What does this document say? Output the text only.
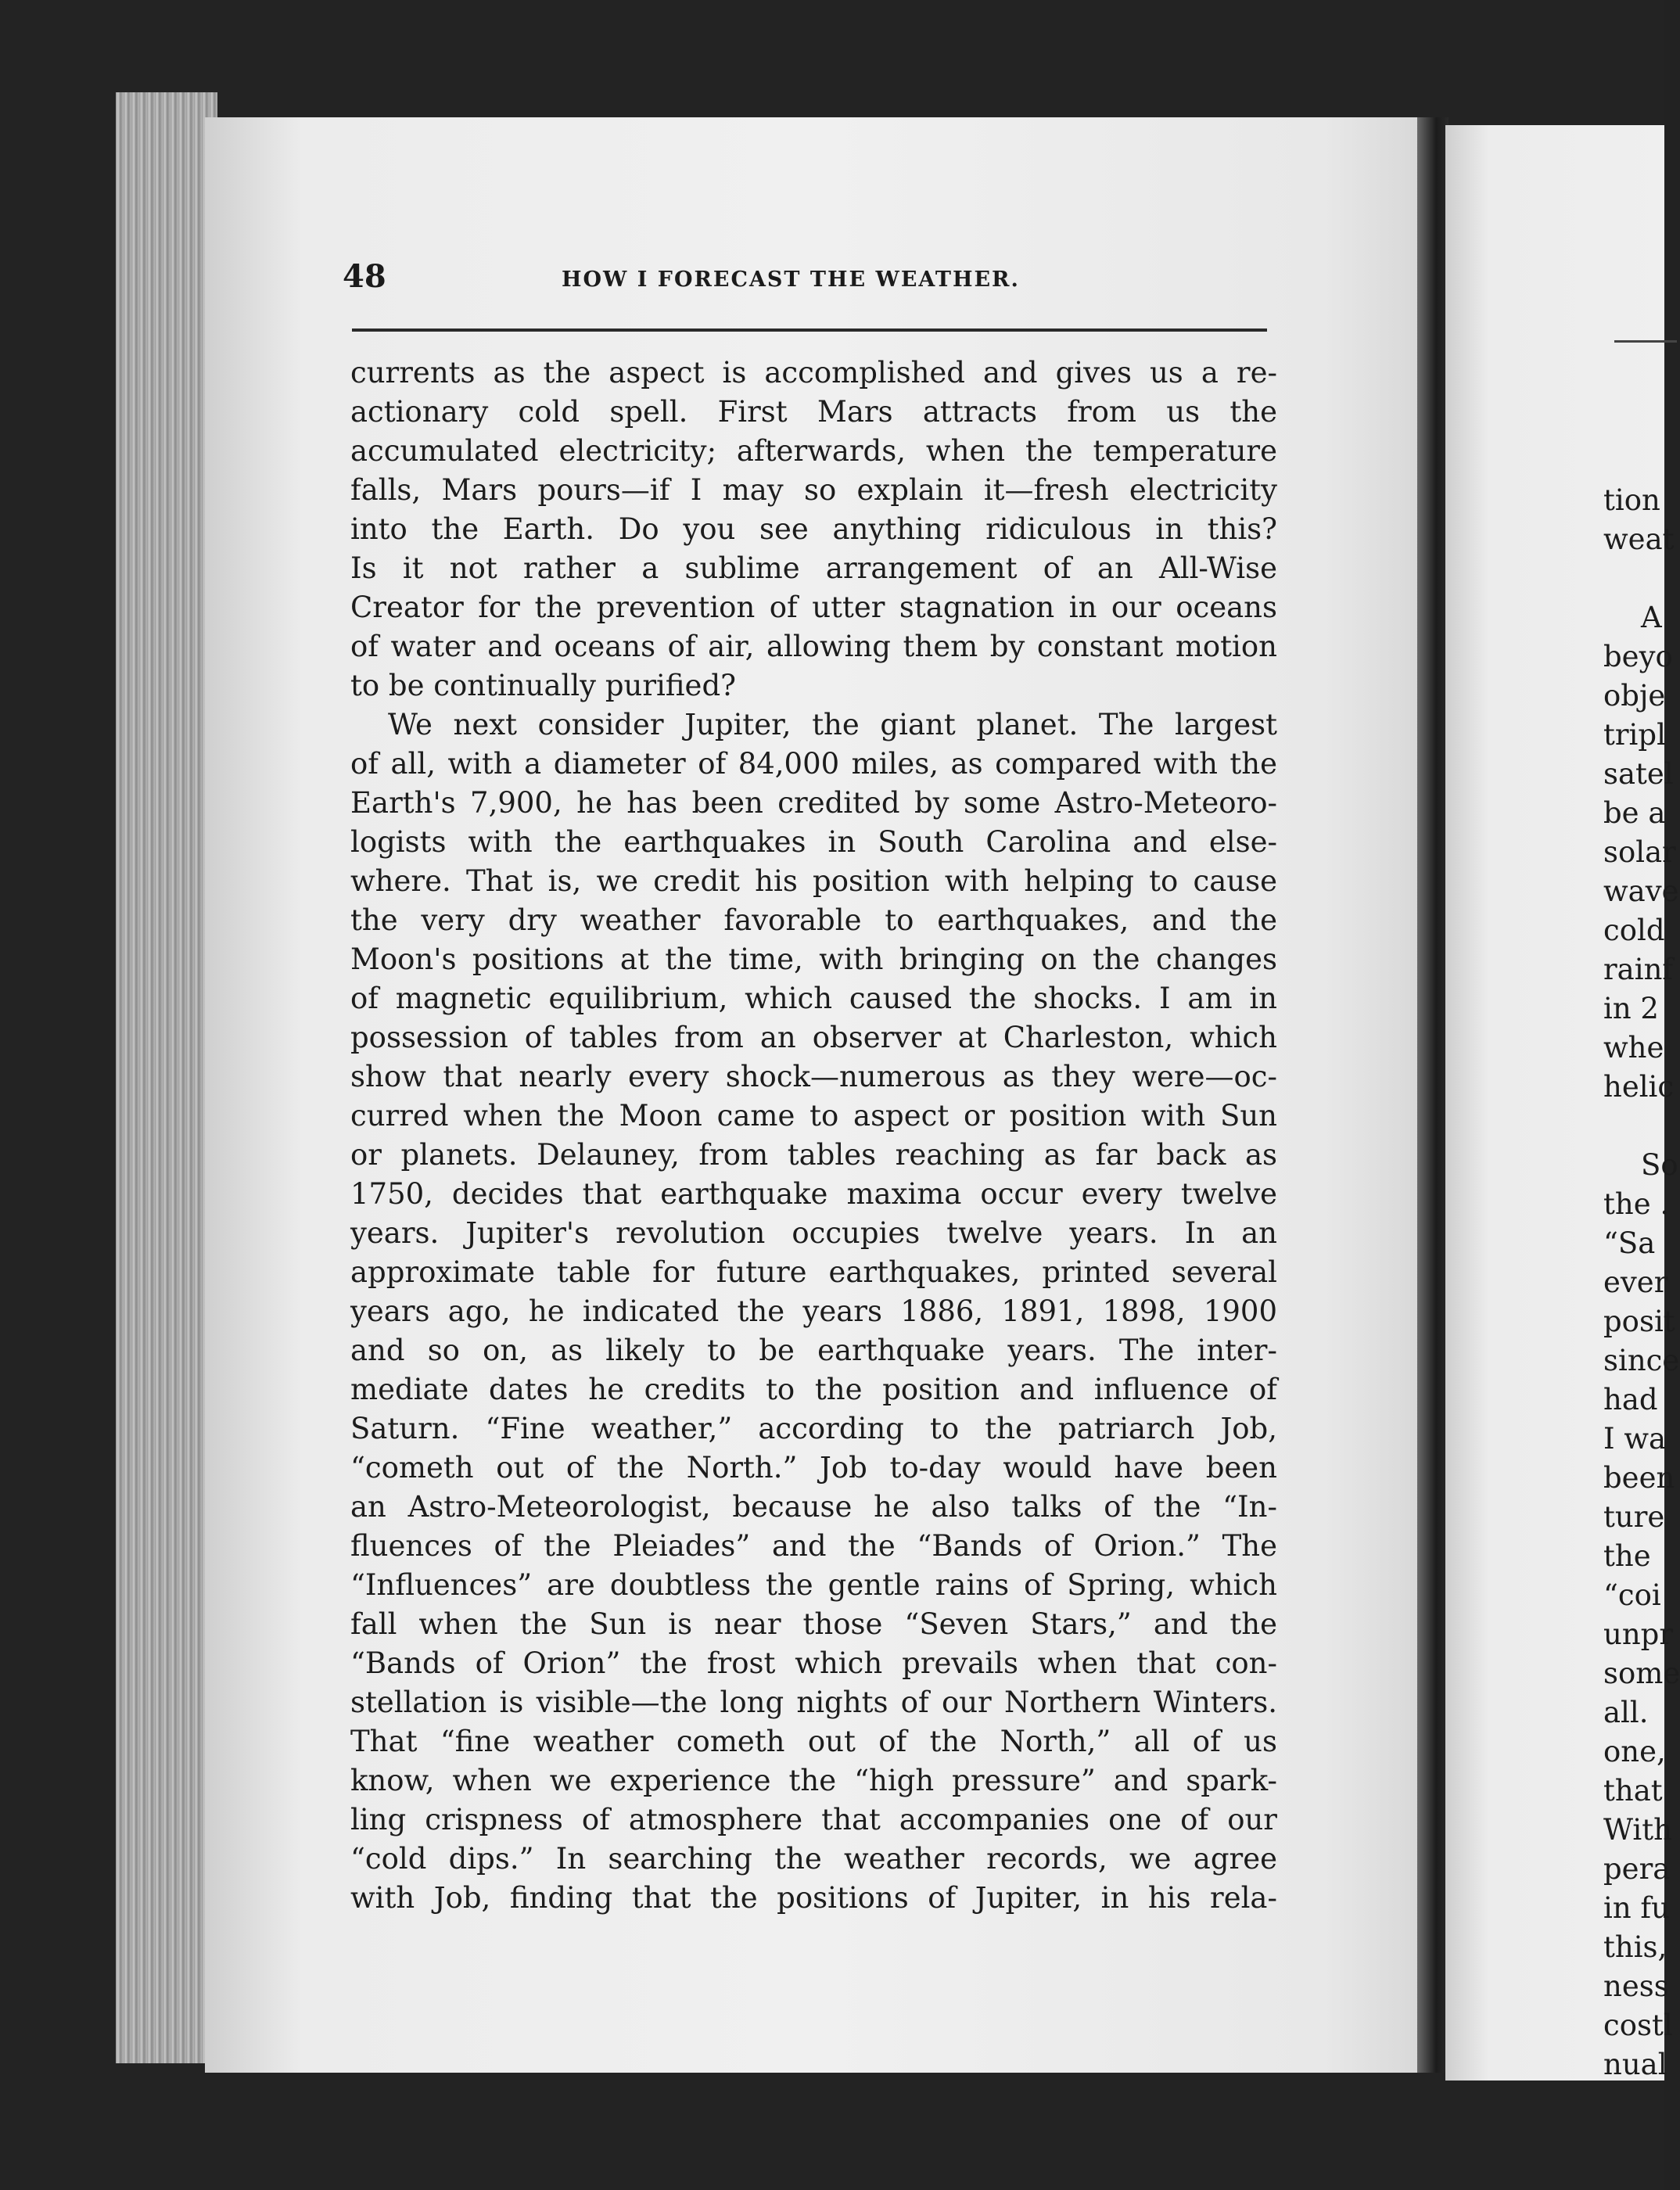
48	HOW I FORECAST THE WEATHER.
currents as the aspect is accomplished and gives us a re-
actionary cold spell. First Mars attracts from us the
accumulated electricity; afterwards, when the temperature
falls, Mars pours—if I may so explain it—fresh electricity
into the Earth. Do you see anything ridiculous in this?
Is it not rather a sublime arrangement of an All-Wise
Creator for the prevention of utter stagnation in our oceans
of water and oceans of air, allowing them by constant motion
to be continually purified?
We next consider Jupiter, the giant planet. The largest
of all, with a diameter of 84,000 miles, as compared with the
Earth's 7,900, he has been credited by some Astro-Meteoro-
logists with the earthquakes in South Carolina and else-
where. That is, we credit his position with helping to cause
the very dry weather favorable to earthquakes, and the
Moon's positions at the time, with bringing on the changes
of magnetic equilibrium, which caused the shocks. I am in
possession of tables from an observer at Charleston, which
show that nearly every shock—numerous as they were—oc-
curred when the Moon came to aspect or position with Sun
or planets. Delauney, from tables reaching as far back as
1750, decides that earthquake maxima occur every twelve
years. Jupiter's revolution occupies twelve years. In an
approximate table for future earthquakes, printed several
years ago, he indicated the years 1886, 1891, 1898, 1900
and so on, as likely to be earthquake years. The inter-
mediate dates he credits to the position and influence of
Saturn. “Fine weather,” according to the patriarch Job,
“cometh out of the North.” Job to-day would have been
an Astro-Meteorologist, because he also talks of the “In-
fluences of the Pleiades” and the “Bands of Orion.” The
“Influences” are doubtless the gentle rains of Spring, which
fall when the Sun is near those “Seven Stars,” and the
“Bands of Orion” the frost which prevails when that con-
stellation is visible—the long nights of our Northern Winters.
That “fine weather cometh out of the North,” all of us
know, when we experience the “high pressure” and spark-
ling crispness of atmosphere that accompanies one of our
“cold dips.” In searching the weather records, we agree
with Job, finding that the positions of Jupiter, in his rela-
tion
weat
A
beyo
obje
tripl
satel
be a
solar
wave
cold
rainf
in 2
whe
helic
So
the .
“Sa
ever
posit
since
had
I wa
been
ture
the
“coi
unpr
some
all.
one,
that
With
pera
in fu
this,
ness
costl
nual
